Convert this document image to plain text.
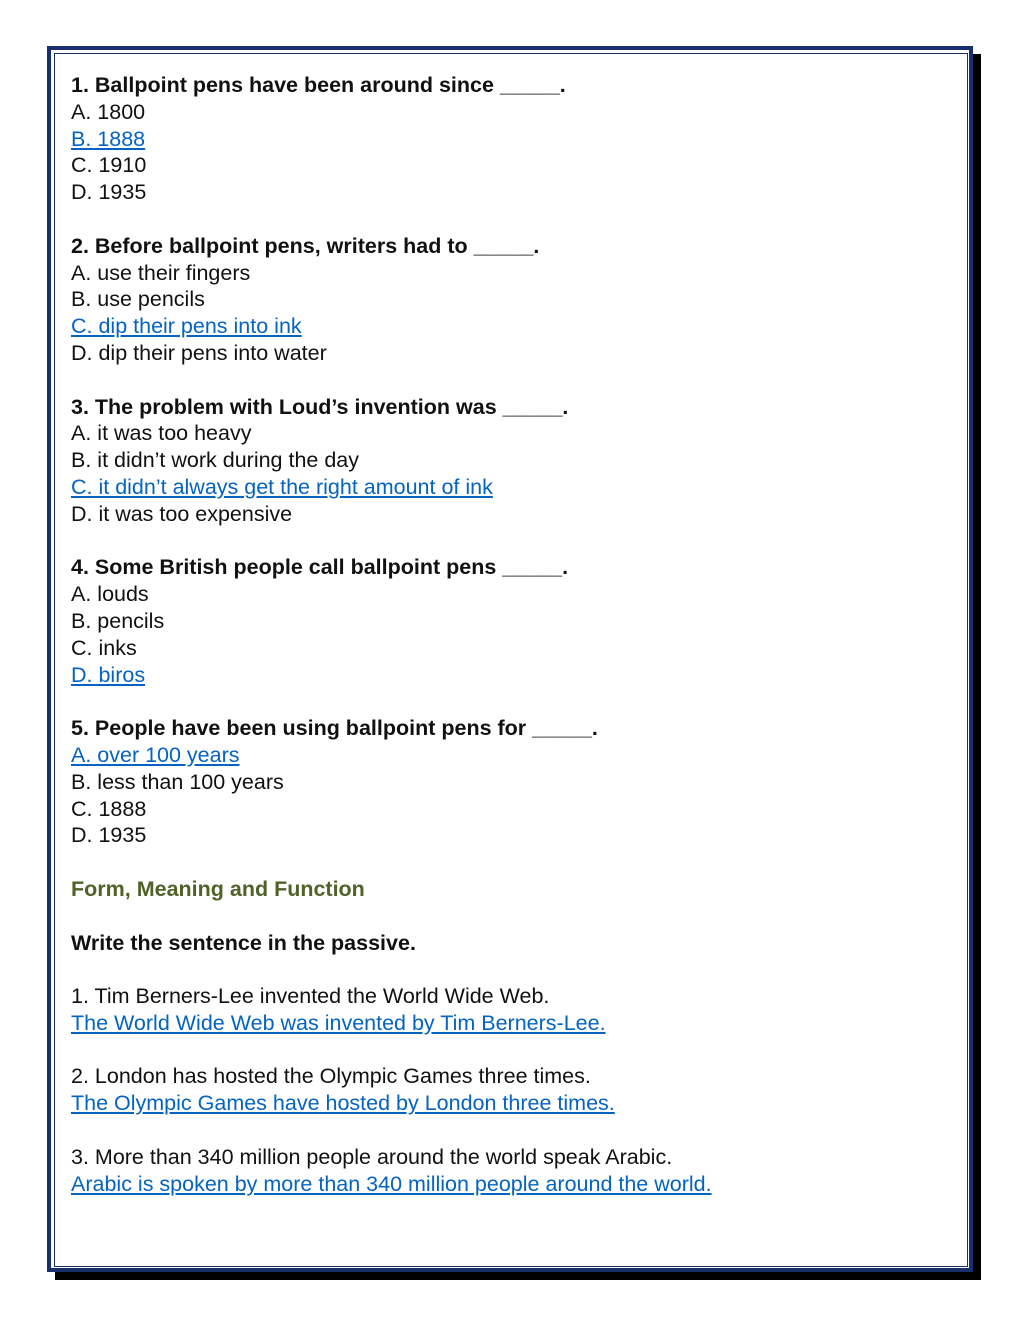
1. Ballpoint pens have been around since _____.
A. 1800
B. 1888
C. 1910
D. 1935
2. Before ballpoint pens, writers had to _____.
A. use their fingers
B. use pencils
C. dip their pens into ink
D. dip their pens into water
3. The problem with Loud’s invention was _____.
A. it was too heavy
B. it didn’t work during the day
C. it didn’t always get the right amount of ink
D. it was too expensive
4. Some British people call ballpoint pens _____.
A. louds
B. pencils
C. inks
D. biros
5. People have been using ballpoint pens for _____.
A. over 100 years
B. less than 100 years
C. 1888
D. 1935
Form, Meaning and Function
Write the sentence in the passive.
1. Tim Berners-Lee invented the World Wide Web.
The World Wide Web was invented by Tim Berners-Lee.
2. London has hosted the Olympic Games three times.
The Olympic Games have hosted by London three times.
3. More than 340 million people around the world speak Arabic.
Arabic is spoken by more than 340 million people around the world.
